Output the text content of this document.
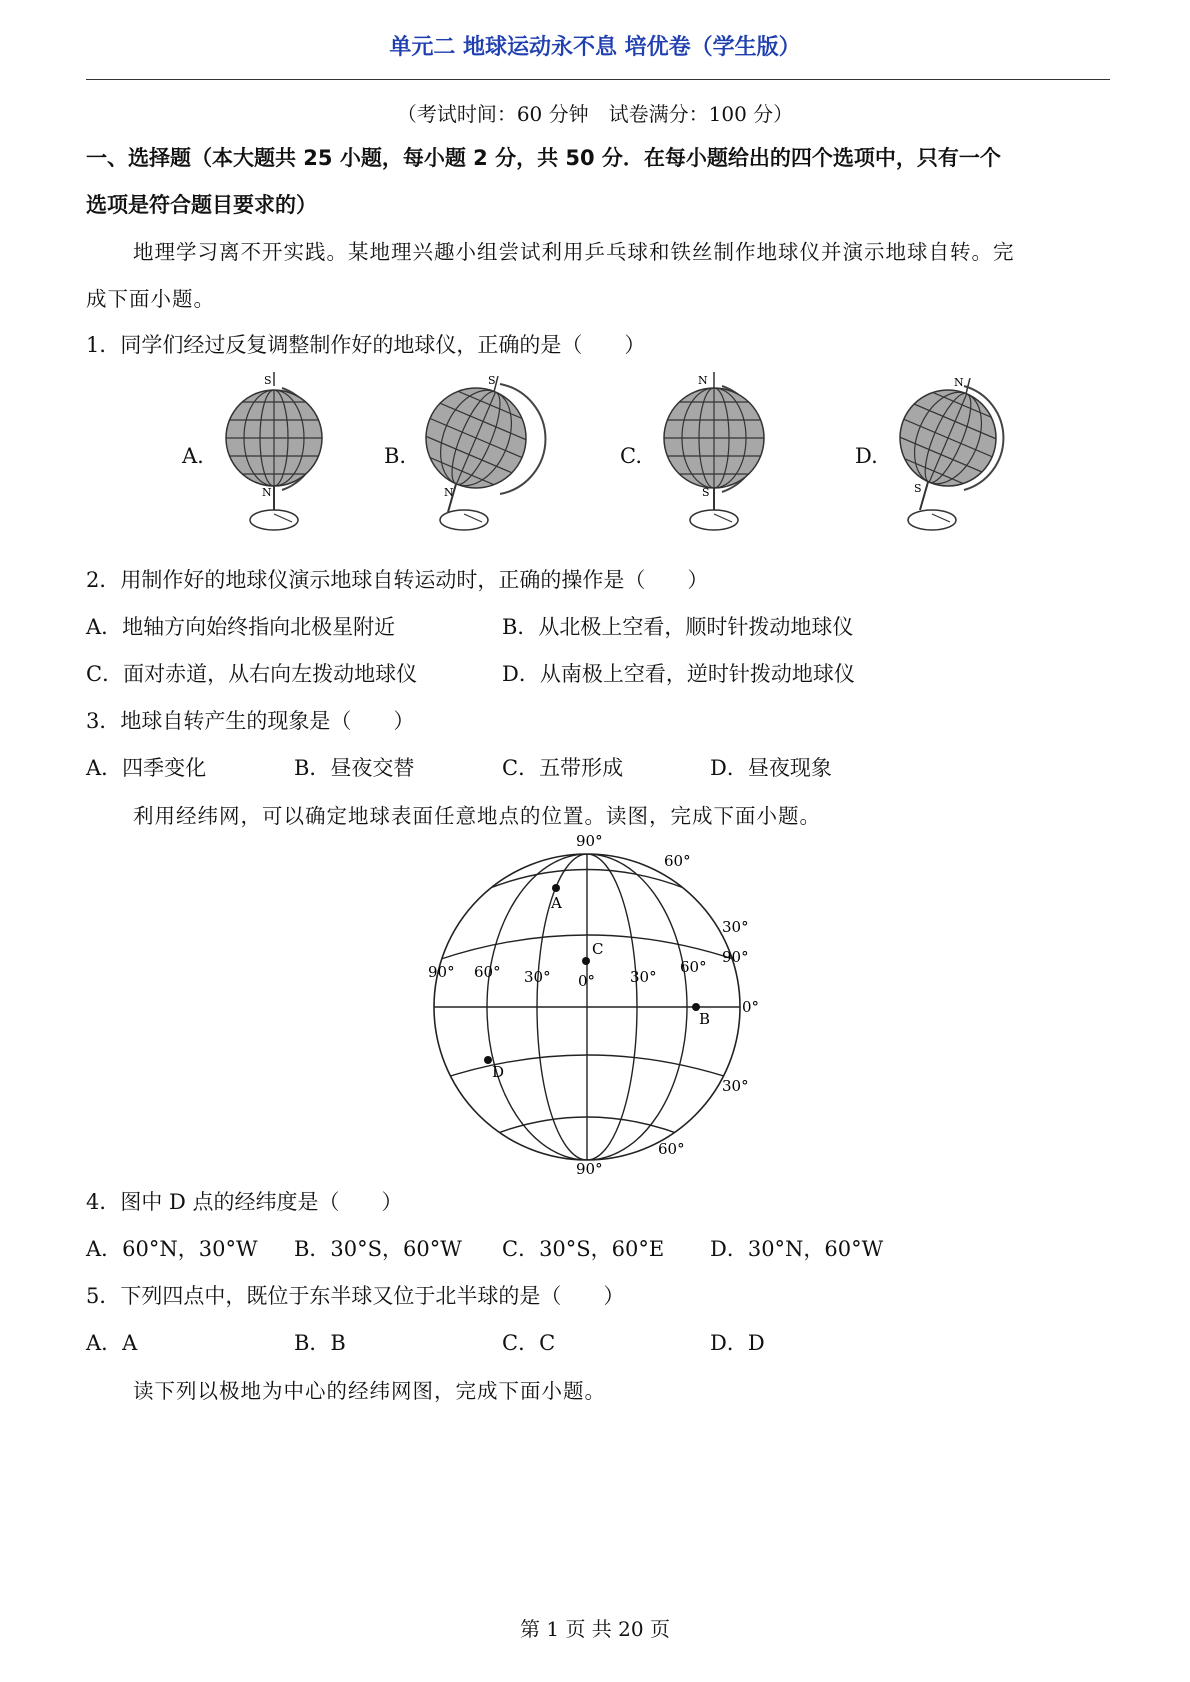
单元二 地球运动永不息 培优卷（学生版）
（考试时间：60 分钟　试卷满分：100 分）
一、选择题（本大题共 25 小题，每小题 2 分，共 50 分．在每小题给出的四个选项中，只有一个
选项是符合题目要求的）
地理学习离不开实践。某地理兴趣小组尝试利用乒乓球和铁丝制作地球仪并演示地球自转。完
成下面小题。
1．同学们经过反复调整制作好的地球仪，正确的是（　　）
A.	B.	C.	D.
S
N
S
N
N
S
N
S
2．用制作好的地球仪演示地球自转运动时，正确的操作是（　　）
A．地轴方向始终指向北极星附近	B．从北极上空看，顺时针拨动地球仪
C．面对赤道，从右向左拨动地球仪	D．从南极上空看，逆时针拨动地球仪
3．地球自转产生的现象是（　　）
A．四季变化	B．昼夜交替	C．五带形成	D．昼夜现象
利用经纬网，可以确定地球表面任意地点的位置。读图，完成下面小题。
A
B
C
D
90°
60°
30°
0°
30°
60°
90°
90° 60° 30° 0° 30°
60°
90°
4．图中 D 点的经纬度是（　　）
A．60°N，30°W B．30°S，60°W C．30°S，60°E D．30°N，60°W
5．下列四点中，既位于东半球又位于北半球的是（　　）
A．A	B．B	C．C	D．D
读下列以极地为中心的经纬网图，完成下面小题。
第 1 页 共 20 页
